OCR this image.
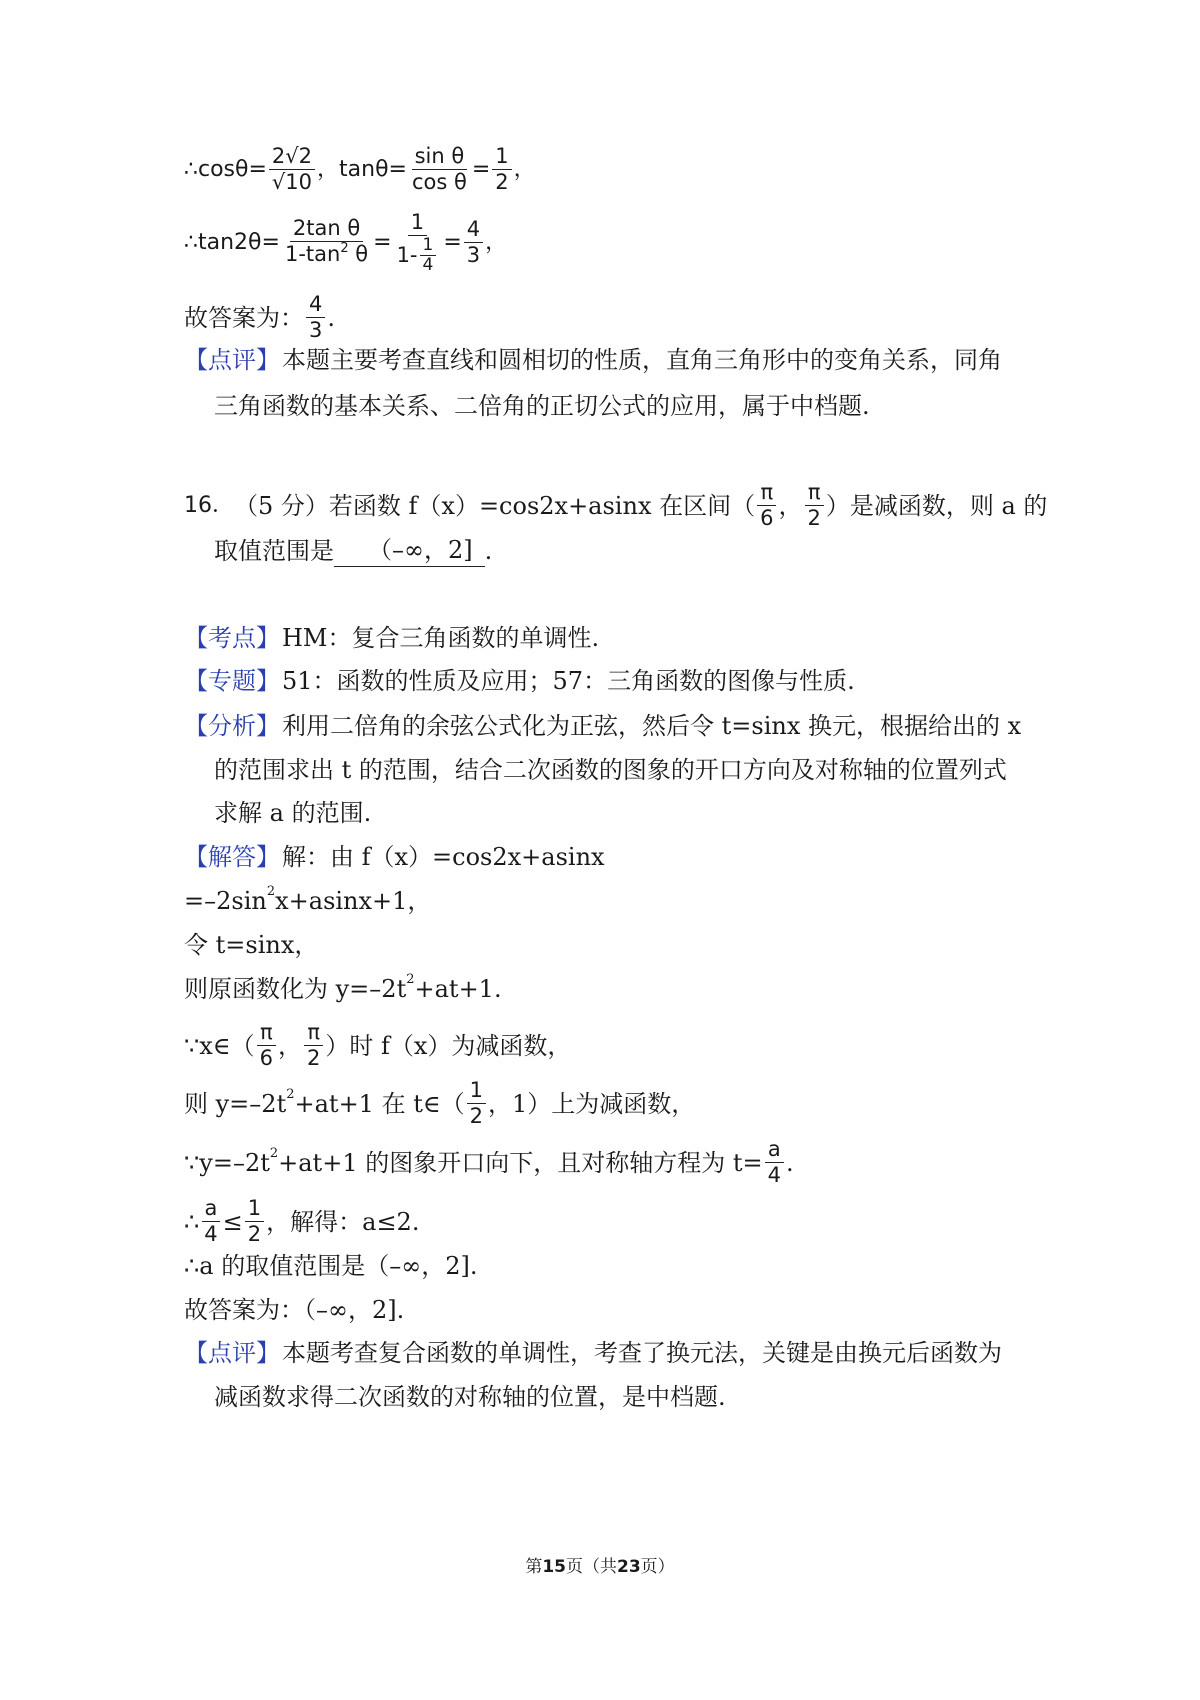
∴ $\cos\theta= \frac{2√2}{√10}$ ，$\tan\theta= \frac{\text{sin θ}}{\text{cos θ}} = \frac{1}{2}$ ，
∴ $\tan 2\theta= \frac{\text{2tan θ}}{1-\tan^2 \theta} = \frac{1}{1- \frac{1}{4}} = \frac{4}{3}$ ，
故答案为： $\frac{4}{3}$ .
【点评】 本题主要考查直线和圆相切的性质，直角三角形中的变角关系，同角
三角函数的基本关系、二倍角的正切公式的应用，属于中档题.
16． （5 分） 若函数 f（x）=cos2x+asinx 在区间（ $\frac{\pi}{6}$ ， $\frac{\pi}{2}$ ）是减函数，则 a 的
取值范围是	（–∞，2] .
【考点】 HM：复合三角函数的单调性.
【专题】 51：函数的性质及应用；57：三角函数的图像与性质.
【分析】 利用二倍角的余弦公式化为正弦，然后令 t=sinx 换元，根据给出的 x
的范围求出 t 的范围，结合二次函数的图象的开口方向及对称轴的位置列式
求解 a 的范围.
【解答】 解：由 f（x）=cos2x+asinx
=–2sin 2 x+asinx+1，
令 t=sinx，
则原函数化为 y=–2t 2 +at+1.
∵x∈（ $\frac{\pi}{6}$ ， $\frac{\pi}{2}$ ）时 f（x）为减函数，
则 y=–2t 2 +at+1 在 t∈（ $\frac{1}{2}$ ，1）上为减函数，
∵y=–2t 2 +at+1 的图象开口向下，且对称轴方程为 $t= \frac{a}{4}$ .
∴ $\frac{a}{4} \le \frac{1}{2}$ ，解得：a≤2.
∴a 的取值范围是（–∞，2].
故答案为：（–∞，2].
【点评】 本题考查复合函数的单调性，考查了换元法，关键是由换元后函数为
减函数求得二次函数的对称轴的位置，是中档题.
第15页（共23页）
